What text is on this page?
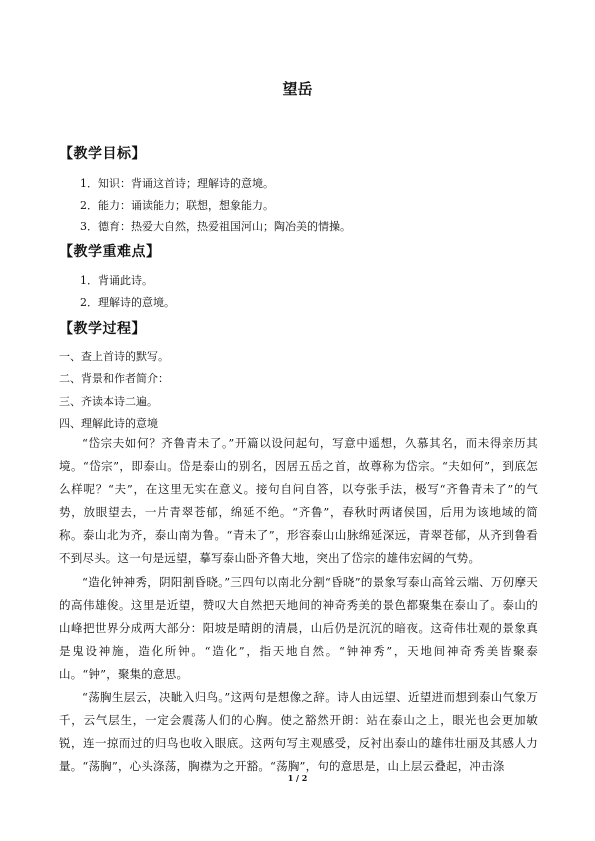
望岳
【教学目标】
1．知识：背诵这首诗；理解诗的意境。
2．能力：诵读能力；联想，想象能力。
3．德育：热爱大自然，热爱祖国河山；陶冶美的情操。
【教学重难点】
1．背诵此诗。
2．理解诗的意境。
【教学过程】
一、查上首诗的默写。
二、背景和作者简介：
三、齐读本诗二遍。
四、理解此诗的意境
“岱宗夫如何？齐鲁青未了。”开篇以设问起句，写意中遥想，久慕其名，而未得亲历其境。“岱宗”，即泰山。岱是泰山的别名，因居五岳之首，故尊称为岱宗。“夫如何”，到底怎么样呢？“夫”，在这里无实在意义。接句自问自答，以夸张手法，极写“齐鲁青未了”的气势，放眼望去，一片青翠苍郁，绵延不绝。“齐鲁”，春秋时两诸侯国，后用为该地域的简称。泰山北为齐，泰山南为鲁。“青未了”，形容泰山山脉绵延深远，青翠苍郁，从齐到鲁看不到尽头。这一句是远望，摹写泰山卧齐鲁大地，突出了岱宗的雄伟宏阔的气势。
“造化钟神秀，阴阳割昏晓。”三四句以南北分割“昏晓”的景象写泰山高耸云端、万仞摩天的高伟雄俊。这里是近望，赞叹大自然把天地间的神奇秀美的景色都聚集在泰山了。泰山的山峰把世界分成两大部分：阳坡是晴朗的清晨，山后仍是沉沉的暗夜。这奇伟壮观的景象真是鬼设神施，造化所钟。“造化”，指天地自然。“钟神秀”，天地间神奇秀美皆聚泰山。“钟”，聚集的意思。
“荡胸生层云，决眦入归鸟。”这两句是想像之辞。诗人由远望、近望进而想到泰山气象万千，云气层生，一定会震荡人们的心胸。使之豁然开朗：站在泰山之上，眼光也会更加敏锐，连一掠而过的归鸟也收入眼底。这两句写主观感受，反衬出泰山的雄伟壮丽及其感人力量。“荡胸”，心头涤荡，胸襟为之开豁。“荡胸”，句的意思是，山上层云叠起，冲击涤
1 / 2
